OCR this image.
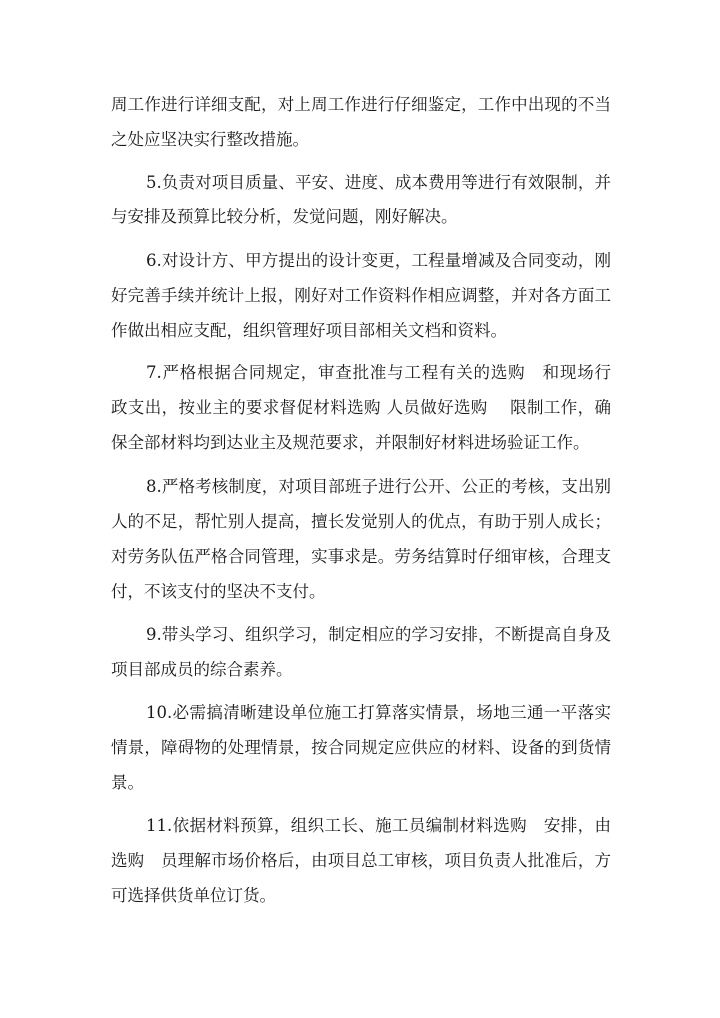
周工作进行详细支配，对上周工作进行仔细鉴定，工作中出现的不当
之处应坚决实行整改措施。
5.负责对项目质量、平安、进度、成本费用等进行有效限制，并
与安排及预算比较分析，发觉问题，刚好解决。
6.对设计方、甲方提出的设计变更，工程量增减及合同变动，刚
好完善手续并统计上报，刚好对工作资料作相应调整，并对各方面工
作做出相应支配，组织管理好项目部相关文档和资料。
7.严格根据合同规定，审查批准与工程有关的选购　和现场行
政支出，按业主的要求督促材料选购 人员做好选购　 限制工作，确
保全部材料均到达业主及规范要求，并限制好材料进场验证工作。
8.严格考核制度，对项目部班子进行公开、公正的考核，支出别
人的不足，帮忙别人提高，擅长发觉别人的优点，有助于别人成长；
对劳务队伍严格合同管理，实事求是。劳务结算时仔细审核，合理支
付，不该支付的坚决不支付。
9.带头学习、组织学习，制定相应的学习安排，不断提高自身及
项目部成员的综合素养。
10.必需搞清晰建设单位施工打算落实情景，场地三通一平落实
情景，障碍物的处理情景，按合同规定应供应的材料、设备的到货情
景。
11.依据材料预算，组织工长、施工员编制材料选购　安排，由
选购　员理解市场价格后，由项目总工审核，项目负责人批准后，方
可选择供货单位订货。
